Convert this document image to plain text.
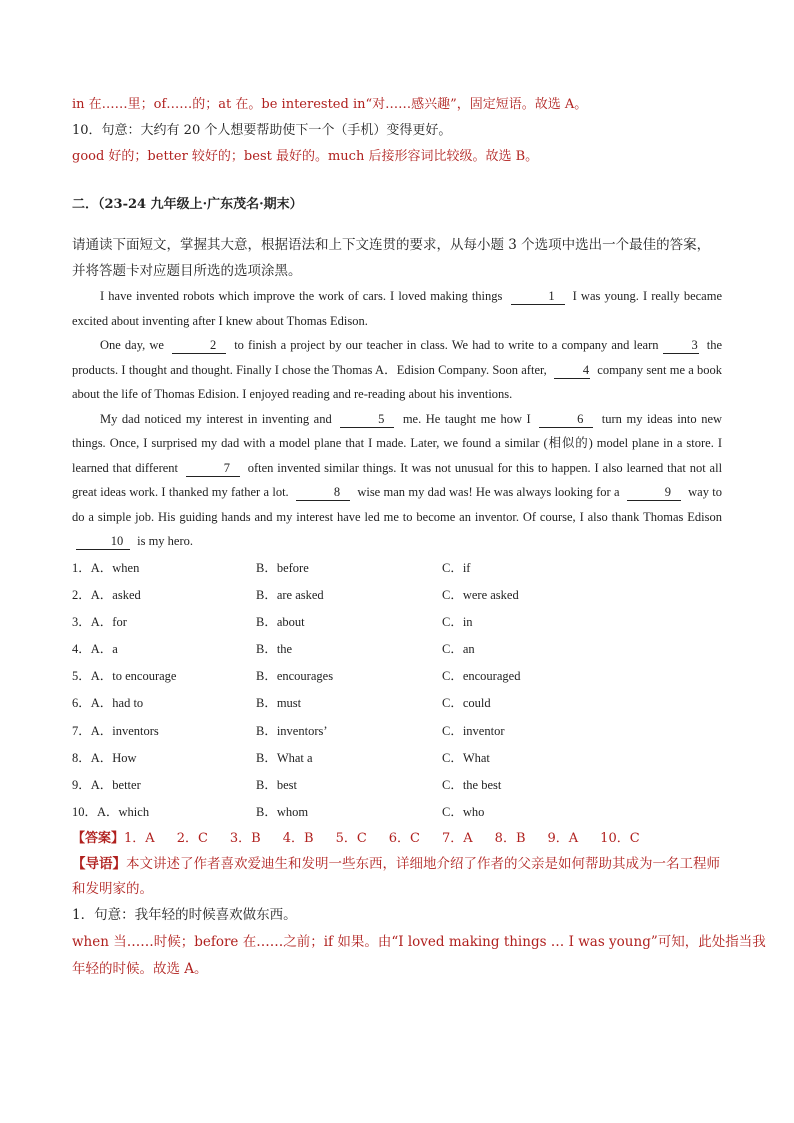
in 在……里；of……的；at 在。be interested in“对……感兴趣”，固定短语。故选 A。
10．句意：大约有 20 个人想要帮助使下一个（手机）变得更好。
good 好的；better 较好的；best 最好的。much 后接形容词比较级。故选 B。
二．（23-24 九年级上·广东茂名·期末）
请通读下面短文，掌握其大意，根据语法和上下文连贯的要求，从每小题 3 个选项中选出一个最佳的答案，并将答题卡对应题目所选的选项涂黑。
I have invented robots which improve the work of cars. I loved making things	1 I was young. I really became excited about inventing after I knew about Thomas Edison.
One day, we	2 to finish a project by our teacher in class. We had to write to a company and learn	3 the products. I thought and thought. Finally I chose the Thomas A．Edision Company. Soon after,	4 company sent me a book about the life of Thomas Edision. I enjoyed reading and re-reading about his inventions.
My dad noticed my interest in inventing and	5 me. He taught me how I	6 turn my ideas into new things. Once, I surprised my dad with a model plane that I made. Later, we found a similar (相似的) model plane in a store. I learned that different	7 often invented similar things. It was not unusual for this to happen. I also learned that not all great ideas work. I thanked my father a lot.	8 wise man my dad was! He was always looking for a	9 way to do a simple job. His guiding hands and my interest have led me to become an inventor. Of course, I also thank Thomas Edison 10 is my hero.
1．A．when	B．before	C．if
2．A．asked	B．are asked	C．were asked
3．A．for	B．about	C．in
4．A．a	B．the	C．an
5．A．to encourage	B．encourages	C．encouraged
6．A．had to	B．must	C．could
7．A．inventors	B．inventors’	C．inventor
8．A．How	B．What a	C．What
9．A．better	B．best	C．the best
10．A．which	B．whom	C．who
【答案】1．A 2．C 3．B 4．B 5．C 6．C 7．A 8．B 9．A 10．C
【导语】本文讲述了作者喜欢爱迪生和发明一些东西，详细地介绍了作者的父亲是如何帮助其成为一名工程师和发明家的。
1．句意：我年轻的时候喜欢做东西。
when 当……时候；before 在……之前；if 如果。由“I loved making things … I was young”可知，此处指当我
年轻的时候。故选 A。
